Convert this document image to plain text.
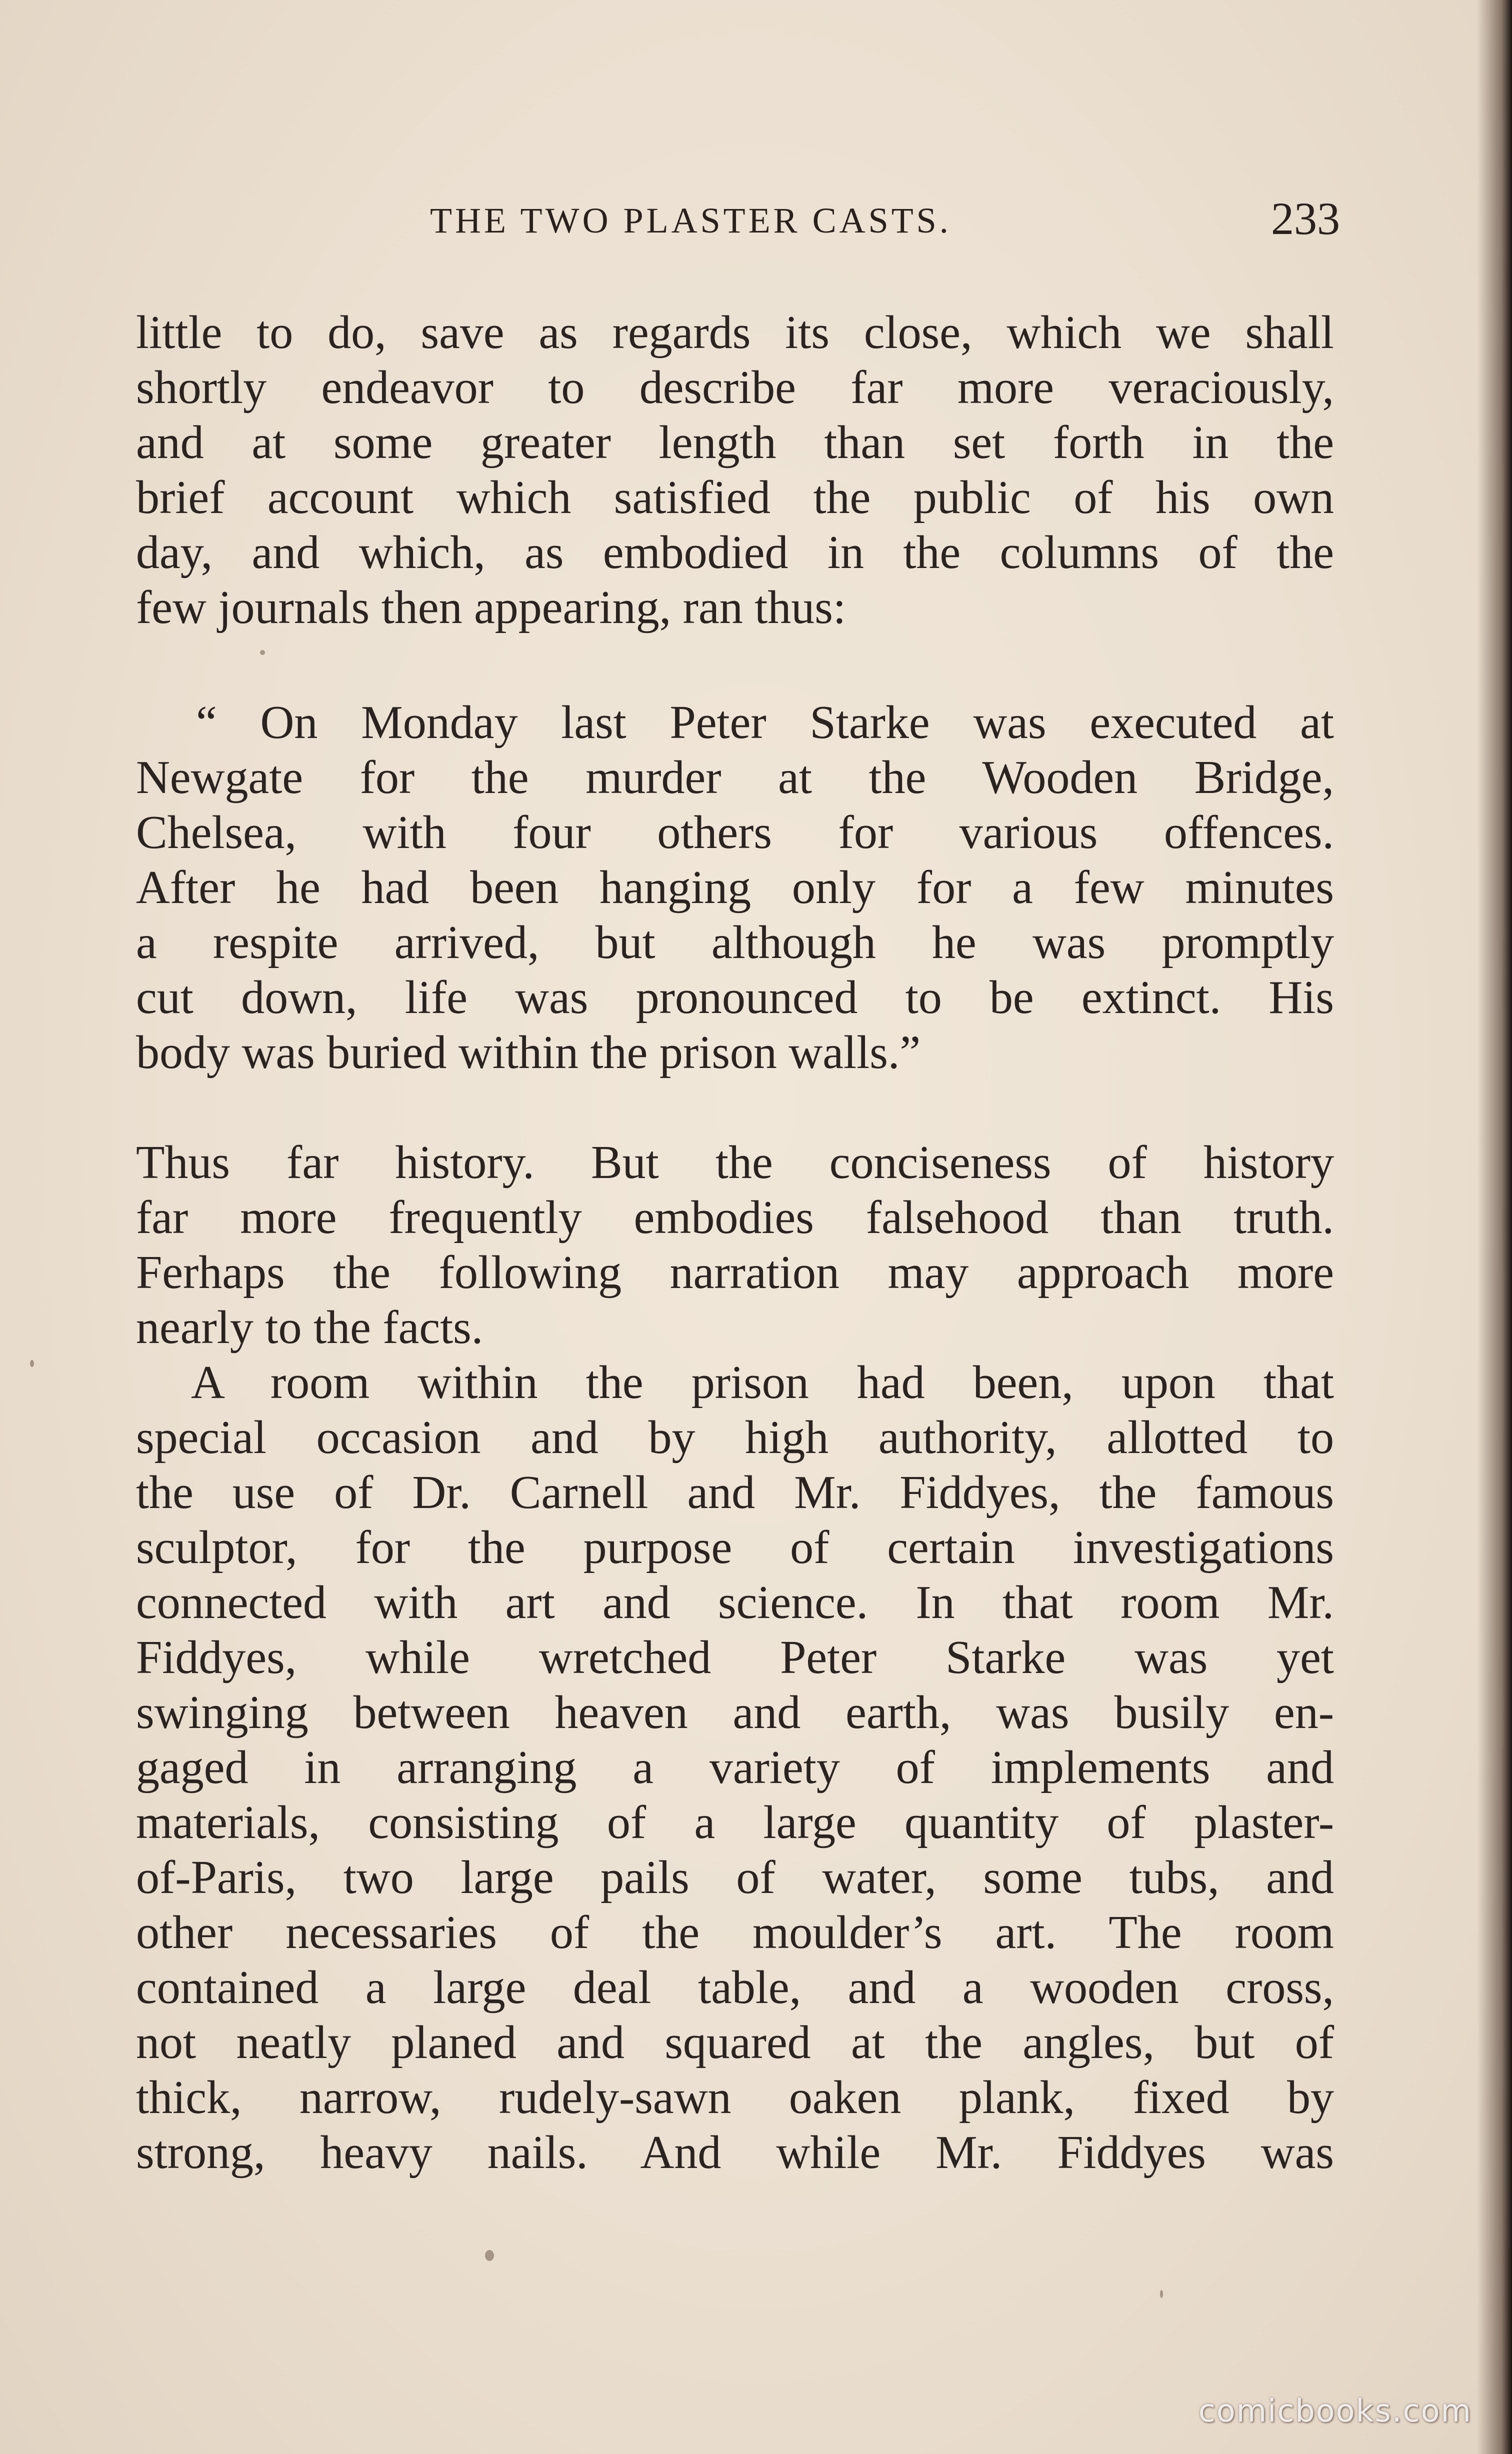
THE TWO PLASTER CASTS.	233
little to do, save as regards its close, which we shall
shortly endeavor to describe far more veraciously,
and at some greater length than set forth in the
brief account which satisfied the public of his own
day, and which, as embodied in the columns of the
few journals then appearing, ran thus:
“ On Monday last Peter Starke was executed at
Newgate for the murder at the Wooden Bridge,
Chelsea, with four others for various offences.
After he had been hanging only for a few minutes
a respite arrived, but although he was promptly
cut down, life was pronounced to be extinct. His
body was buried within the prison walls.”
Thus far history. But the conciseness of history
far more frequently embodies falsehood than truth.
Ferhaps the following narration may approach more
nearly to the facts.
A room within the prison had been, upon that
special occasion and by high authority, allotted to
the use of Dr. Carnell and Mr. Fiddyes, the famous
sculptor, for the purpose of certain investigations
connected with art and science. In that room Mr.
Fiddyes, while wretched Peter Starke was yet
swinging between heaven and earth, was busily en-
gaged in arranging a variety of implements and
materials, consisting of a large quantity of plaster-
of-Paris, two large pails of water, some tubs, and
other necessaries of the moulder’s art. The room
contained a large deal table, and a wooden cross,
not neatly planed and squared at the angles, but of
thick, narrow, rudely-sawn oaken plank, fixed by
strong, heavy nails. And while Mr. Fiddyes was
comicbooks.com
